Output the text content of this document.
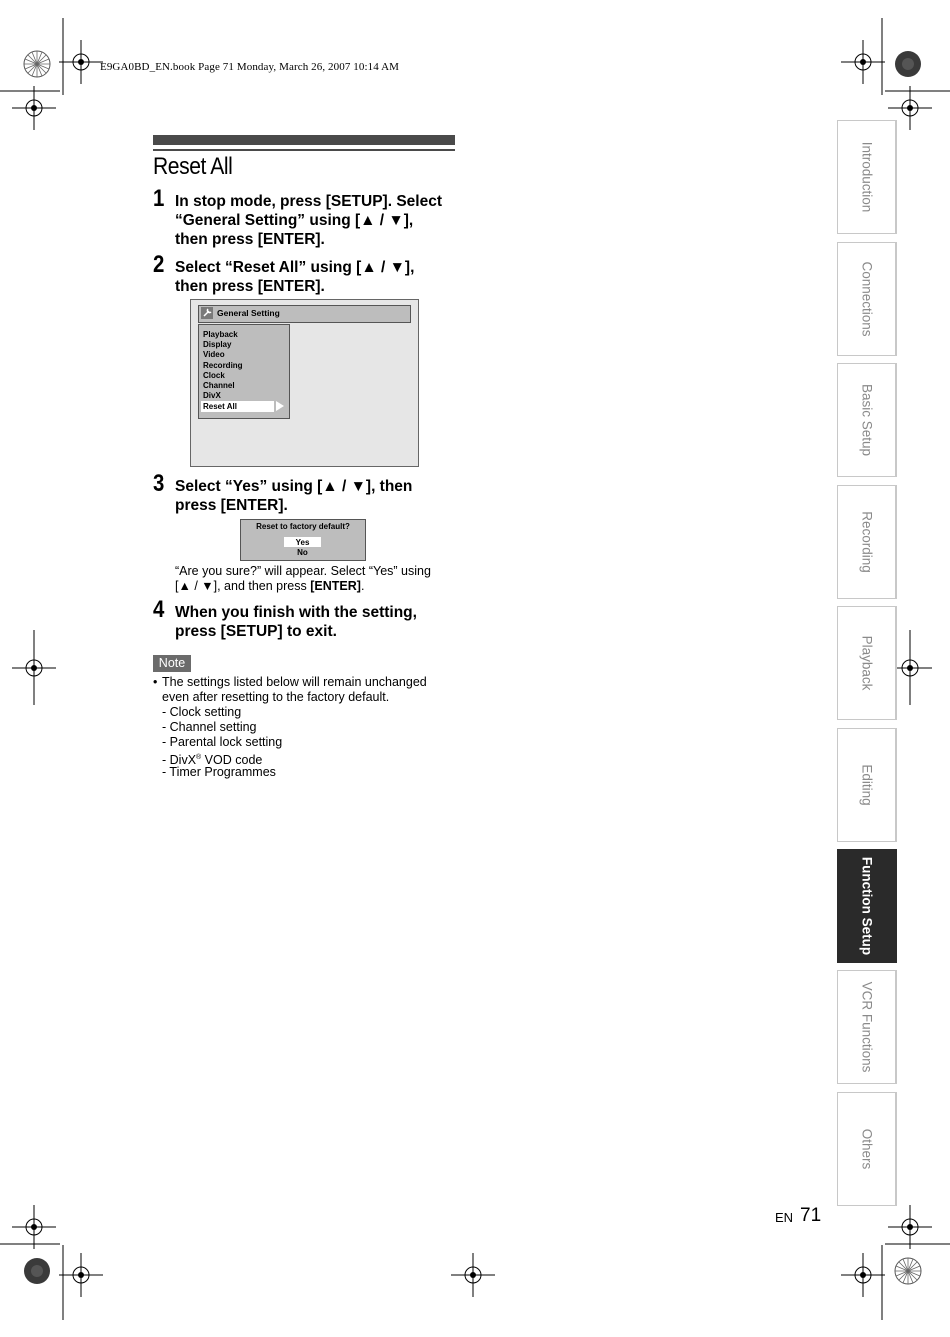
E9GA0BD_EN.book Page 71 Monday, March 26, 2007 10:14 AM
Reset All
1 In stop mode, press [SETUP]. Select
“General Setting” using [▲ / ▼],
then press [ENTER].
2 Select “Reset All” using [▲ / ▼],
then press [ENTER].
General Setting
Playback
Display
Video
Recording
Clock
Channel
DivX
Reset All
3 Select “Yes” using [▲ / ▼], then
press [ENTER].
Reset to factory default?
Yes
No
“Are you sure?” will appear. Select “Yes” using
[▲ / ▼], and then press [ENTER].
4 When you finish with the setting,
press [SETUP] to exit.
Note
• The settings listed below will remain unchanged
even after resetting to the factory default.
- Clock setting
- Channel setting
- Parental lock setting
- DivX® VOD code
- Timer Programmes
Introduction
Connections
Basic Setup
Recording
Playback
Editing
Function Setup
VCR Functions
Others
EN 71
